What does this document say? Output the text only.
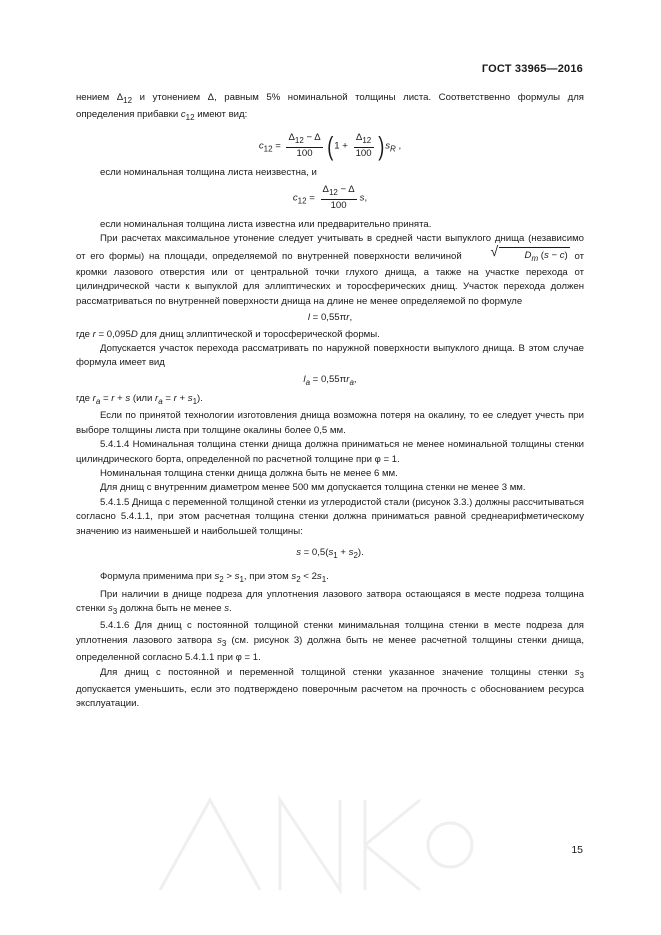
ГОСТ 33965—2016

нением $\Delta_{12}$ и утонением Δ, равным 5% номинальной толщины листа. Соответственно формулы для определения прибавки $c_{12}$ имеют вид:

$c_{12} = \frac{\Delta_{12} - \Delta}{100} (1 + \frac{\Delta_{12}}{100} )s_R$ ,

если номинальная толщина листа неизвестна, и

$c_{12} = \frac{\Delta_{12} - \Delta}{100} s$,

если номинальная толщина листа известна или предварительно принята.

При расчетах максимальное утонение следует учитывать в средней части выпуклого днища (независимо от его формы) на площади, определяемой по внутренней поверхности величиной	√	$D_m$ (s − c) от кромки лазового отверстия или от центральной точки глухого днища, а также на участке перехода от цилиндрической части к выпуклой для эллиптических и торосферических днищ. Участок перехода должен рассматриваться по внутренней поверхности днища на длине не менее определяемой по формуле

l = 0,55πr,

где r = 0,095D для днищ эллиптической и торосферической формы.

Допускается участок перехода рассматривать по наружной поверхности выпуклого днища. В этом случае формула имеет вид

$l_a = 0,55\pi r_a$,

где $r_a = r + s$ (или $r_a = r + s_1$).

Если по принятой технологии изготовления днища возможна потеря на окалину, то ее следует учесть при выборе толщины листа при толщине окалины более 0,5 мм.

5.4.1.4 Номинальная толщина стенки днища должна приниматься не менее номинальной толщины стенки цилиндрического борта, определенной по расчетной толщине при φ = 1.

Номинальная толщина стенки днища должна быть не менее 6 мм.

Для днищ с внутренним диаметром менее 500 мм допускается толщина стенки не менее 3 мм.

5.4.1.5 Днища с переменной толщиной стенки из углеродистой стали (рисунок 3.3.) должны рассчитываться согласно 5.4.1.1, при этом расчетная толщина стенки должна приниматься равной среднеарифметическому значению из наименьшей и наибольшей толщины:

$s = 0,5(s_1 + s_2)$.

Формула применима при $s_2 > s_1$, при этом $s_2 < 2s_1$.

При наличии в днище подреза для уплотнения лазового затвора остающаяся в месте подреза толщина стенки $s_3$ должна быть не менее s.

5.4.1.6 Для днищ с постоянной толщиной стенки минимальная толщина стенки в месте подреза для уплотнения лазового затвора $s_3$ (см. рисунок 3) должна быть не менее расчетной толщины стенки днища, определенной согласно 5.4.1.1 при φ = 1.

Для днищ с постоянной и переменной толщиной стенки указанное значение толщины стенки $s_3$ допускается уменьшить, если это подтверждено поверочным расчетом на прочность с обоснованием ресурса эксплуатации.

15
